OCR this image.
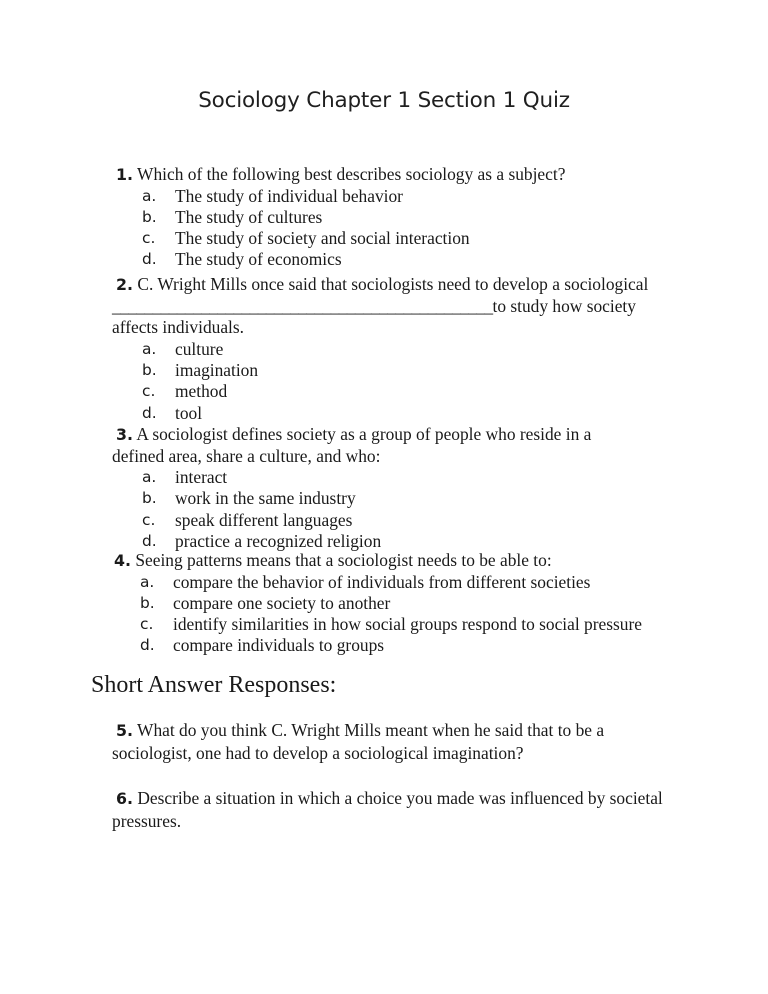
Sociology Chapter 1 Section 1 Quiz
1. Which of the following best describes sociology as a subject?
a. The study of individual behavior
b. The study of cultures
c. The study of society and social interaction
d. The study of economics
2. C. Wright Mills once said that sociologists need to develop a sociological _______________________________________________to study how society affects individuals.
a. culture
b. imagination
c. method
d. tool
3. A sociologist defines society as a group of people who reside in a defined area, share a culture, and who:
a. interact
b. work in the same industry
c. speak different languages
d. practice a recognized religion
4. Seeing patterns means that a sociologist needs to be able to:
a. compare the behavior of individuals from different societies
b. compare one society to another
c. identify similarities in how social groups respond to social pressure
d. compare individuals to groups
Short Answer Responses:
5. What do you think C. Wright Mills meant when he said that to be a sociologist, one had to develop a sociological imagination?
6. Describe a situation in which a choice you made was influenced by societal pressures.
